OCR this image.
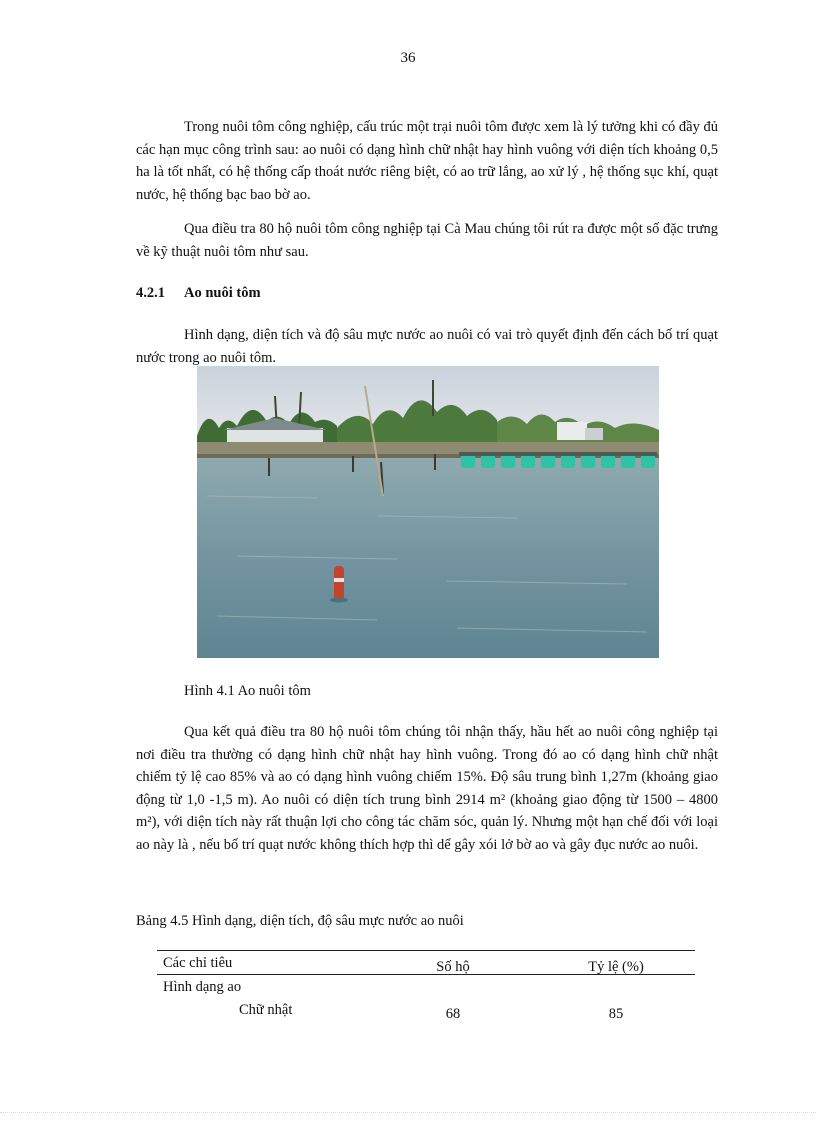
36

Trong nuôi tôm công nghiệp, cấu trúc một trại nuôi tôm được xem là lý tưởng khi có đầy đủ các hạn mục công trình sau: ao nuôi có dạng hình chữ nhật hay hình vuông với diện tích khoảng 0,5 ha là tốt nhất, có hệ thống cấp thoát nước riêng biệt, có ao trữ lắng, ao xử lý , hệ thống sục khí, quạt nước, hệ thống bạc bao bờ ao.

Qua điều tra 80 hộ nuôi tôm công nghiệp tại Cà Mau chúng tôi rút ra được một số đặc trưng về kỹ thuật nuôi tôm như sau.

4.2.1 Ao nuôi tôm

Hình dạng, diện tích và độ sâu mực nước ao nuôi có vai trò quyết định đến cách bố trí quạt nước trong ao nuôi tôm.

Hình 4.1 Ao nuôi tôm

Qua kết quả điều tra 80 hộ nuôi tôm chúng tôi nhận thấy, hầu hết ao nuôi công nghiệp tại nơi điều tra thường có dạng hình chữ nhật hay hình vuông. Trong đó ao có dạng hình chữ nhật chiếm tỷ lệ cao 85% và ao có dạng hình vuông chiếm 15%. Độ sâu trung bình 1,27m (khoảng giao động từ 1,0 -1,5 m). Ao nuôi có diện tích trung bình 2914 m² (khoảng giao động từ 1500 – 4800 m²), với diện tích này rất thuận lợi cho công tác chăm sóc, quản lý. Nhưng một hạn chế đối với loại ao này là , nếu bố trí quạt nước không thích hợp thì dể gây xói lở bờ ao và gây đục nước ao nuôi.

Bảng 4.5 Hình dạng, diện tích, độ sâu mực nước ao nuôi

Các chỉ tiêu	Số hộ	Tỷ lệ (%)
Hình dạng ao
Chữ nhật	68	85
